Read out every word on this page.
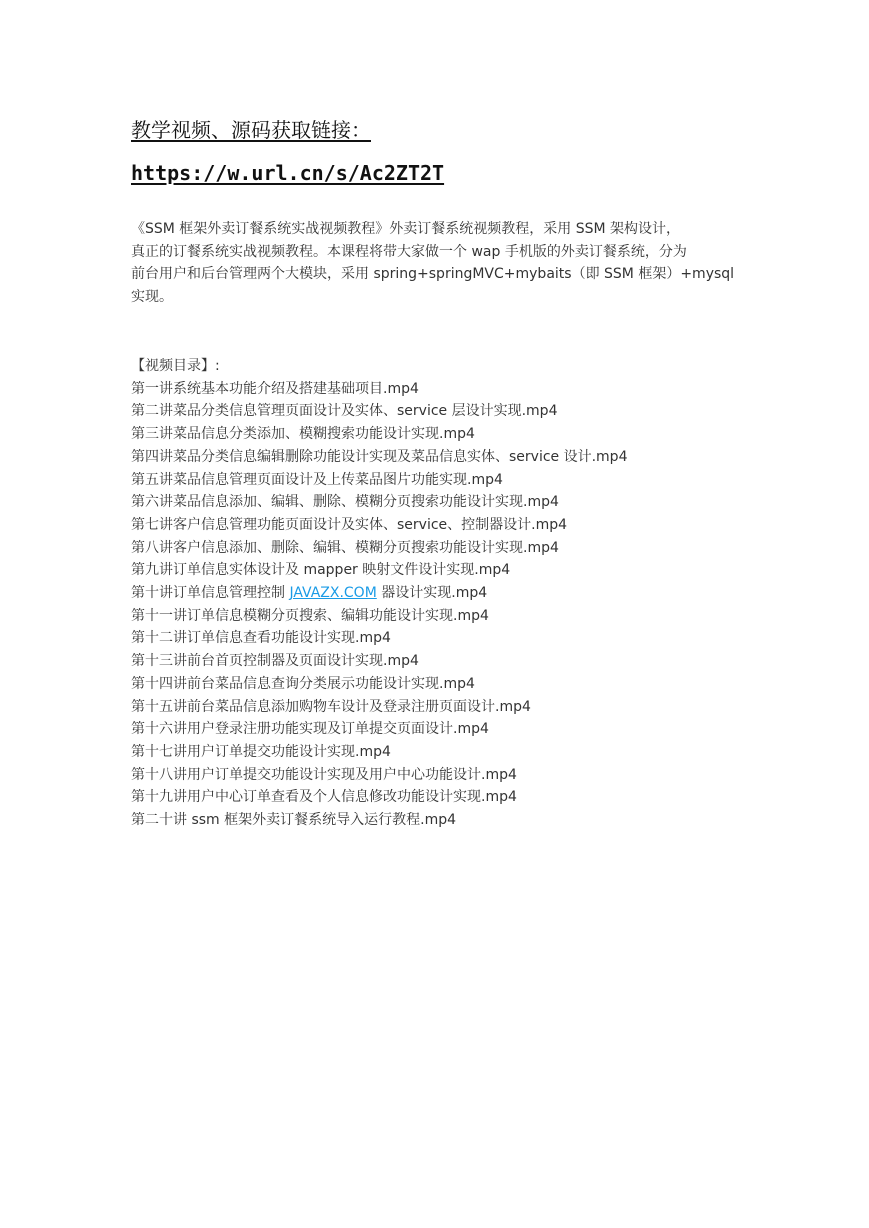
教学视频、源码获取链接：
https://w.url.cn/s/Ac2ZT2T

《SSM 框架外卖订餐系统实战视频教程》外卖订餐系统视频教程，采用 SSM 架构设计，

真正的订餐系统实战视频教程。本课程将带大家做一个 wap 手机版的外卖订餐系统，分为

前台用户和后台管理两个大模块，采用 spring+springMVC+mybaits（即 SSM 框架）+mysql

实现。

【视频目录】:
第一讲系统基本功能介绍及搭建基础项目.mp4
第二讲菜品分类信息管理页面设计及实体、service 层设计实现.mp4
第三讲菜品信息分类添加、模糊搜索功能设计实现.mp4
第四讲菜品分类信息编辑删除功能设计实现及菜品信息实体、service 设计.mp4
第五讲菜品信息管理页面设计及上传菜品图片功能实现.mp4
第六讲菜品信息添加、编辑、删除、模糊分页搜索功能设计实现.mp4
第七讲客户信息管理功能页面设计及实体、service、控制器设计.mp4
第八讲客户信息添加、删除、编辑、模糊分页搜索功能设计实现.mp4
第九讲订单信息实体设计及 mapper 映射文件设计实现.mp4
第十讲订单信息管理控制 JAVAZX.COM 器设计实现.mp4
第十一讲订单信息模糊分页搜索、编辑功能设计实现.mp4
第十二讲订单信息查看功能设计实现.mp4
第十三讲前台首页控制器及页面设计实现.mp4
第十四讲前台菜品信息查询分类展示功能设计实现.mp4
第十五讲前台菜品信息添加购物车设计及登录注册页面设计.mp4
第十六讲用户登录注册功能实现及订单提交页面设计.mp4
第十七讲用户订单提交功能设计实现.mp4
第十八讲用户订单提交功能设计实现及用户中心功能设计.mp4
第十九讲用户中心订单查看及个人信息修改功能设计实现.mp4
第二十讲 ssm 框架外卖订餐系统导入运行教程.mp4
